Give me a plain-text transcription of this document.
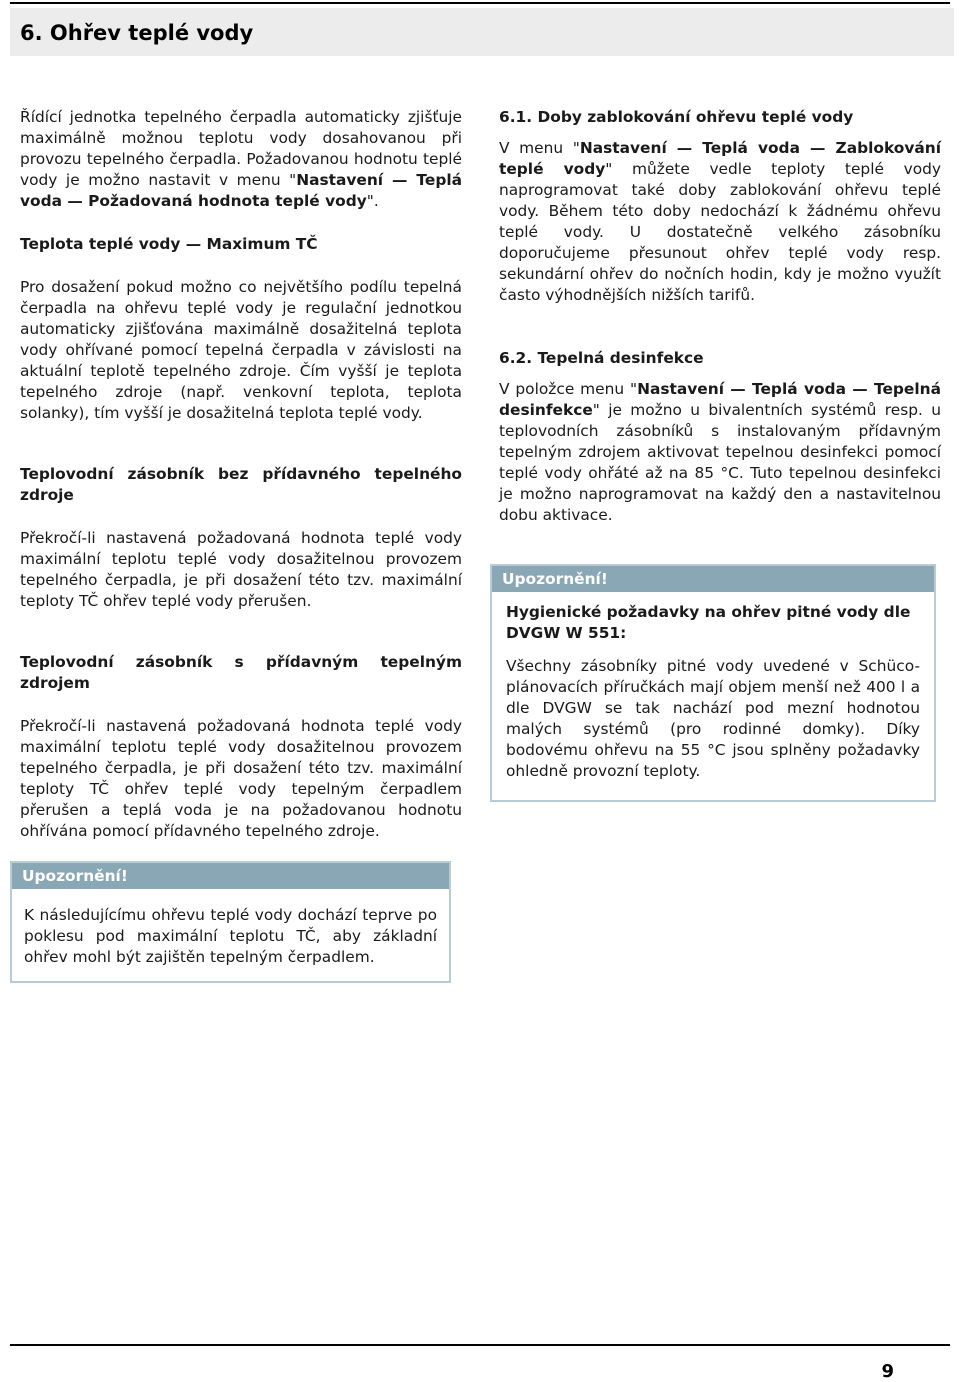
6. Ohřev teplé vody

Řídící jednotka tepelného čerpadla automaticky zjišťuje maximálně možnou teplotu vody dosahovanou při provozu tepelného čerpadla. Požadovanou hodnotu teplé vody je možno nastavit v menu "Nastavení — Teplá voda — Požadovaná hodnota teplé vody".

Teplota teplé vody — Maximum TČ

Pro dosažení pokud možno co největšího podílu tepelná čerpadla na ohřevu teplé vody je regulační jednotkou automaticky zjišťována maximálně dosažitelná teplota vody ohřívané pomocí tepelná čerpadla v závislosti na aktuální teplotě tepelného zdroje. Čím vyšší je teplota tepelného zdroje (např. venkovní teplota, teplota solanky), tím vyšší je dosažitelná teplota teplé vody.

Teplovodní zásobník bez přídavného tepelného zdroje

Překročí-li nastavená požadovaná hodnota teplé vody maximální teplotu teplé vody dosažitelnou provozem tepelného čerpadla, je při dosažení této tzv. maximální teploty TČ ohřev teplé vody přerušen.

Teplovodní zásobník s přídavným tepelným zdrojem

Překročí-li nastavená požadovaná hodnota teplé vody maximální teplotu teplé vody dosažitelnou provozem tepelného čerpadla, je při dosažení této tzv. maximální teploty TČ ohřev teplé vody tepelným čerpadlem přerušen a teplá voda je na požadovanou hodnotu ohřívána pomocí přídavného tepelného zdroje.

6.1. Doby zablokování ohřevu teplé vody

V menu "Nastavení — Teplá voda — Zablokování teplé vody" můžete vedle teploty teplé vody naprogramovat také doby zablokování ohřevu teplé vody. Během této doby nedochází k žádnému ohřevu teplé vody. U dostatečně velkého zásobníku doporučujeme přesunout ohřev teplé vody resp. sekundární ohřev do nočních hodin, kdy je možno využít často výhodnějších nižších tarifů.

6.2. Tepelná desinfekce

V položce menu "Nastavení — Teplá voda — Tepelná desinfekce" je možno u bivalentních systémů resp. u teplovodních zásobníků s instalovaným přídavným tepelným zdrojem aktivovat tepelnou desinfekci pomocí teplé vody ohřáté až na 85 °C. Tuto tepelnou desinfekci je možno naprogramovat na každý den a nastavitelnou dobu aktivace.

Upozornění!

Hygienické požadavky na ohřev pitné vody dle DVGW W 551:

Všechny zásobníky pitné vody uvedené v Schüco-plánovacích příručkách mají objem menší než 400 l a dle DVGW se tak nachází pod mezní hodnotou malých systémů (pro rodinné domky). Díky bodovému ohřevu na 55 °C jsou splněny požadavky ohledně provozní teploty.

Upozornění!

K následujícímu ohřevu teplé vody dochází teprve po poklesu pod maximální teplotu TČ, aby základní ohřev mohl být zajištěn tepelným čerpadlem.

9
